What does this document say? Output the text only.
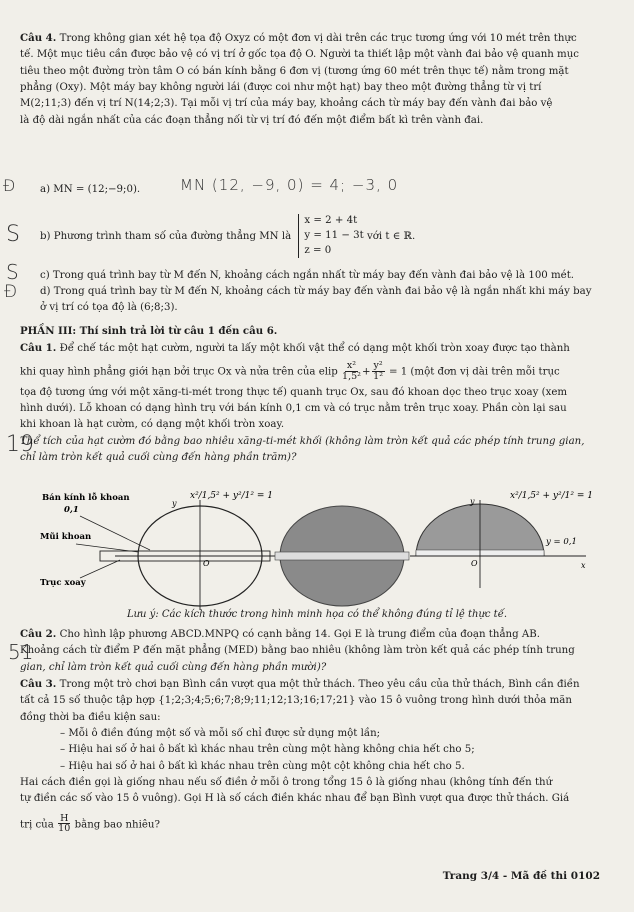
Câu 4. Trong không gian xét hệ tọa độ Oxyz có một đơn vị dài trên các trục tương ứng với 10 mét trên thực
tế. Một mục tiêu cần được bảo vệ có vị trí ở gốc tọa độ O. Người ta thiết lập một vành đai bảo vệ quanh mục
tiêu theo một đường tròn tâm O có bán kính bằng 6 đơn vị (tương ứng 60 mét trên thực tế) nằm trong mặt
phẳng (Oxy). Một máy bay không người lái (được coi như một hạt) bay theo một đường thẳng từ vị trí
M(2;11;3) đến vị trí N(14;2;3). Tại mỗi vị trí của máy bay, khoảng cách từ máy bay đến vành đai bảo vệ
là độ dài ngắn nhất của các đoạn thẳng nối từ vị trí đó đến một điểm bất kì trên vành đai.
a) MN = (12;−9;0).
b) Phương trình tham số của đường thẳng MN là
x = 2 + 4t
y = 11 − 3t
z = 0
với t ∈ ℝ.
c) Trong quá trình bay từ M đến N, khoảng cách ngắn nhất từ máy bay đến vành đai bảo vệ là 100 mét.
d) Trong quá trình bay từ M đến N, khoảng cách từ máy bay đến vành đai bảo vệ là ngắn nhất khi máy bay
ở vị trí có tọa độ là (6;8;3).
Đ	MN (12, −9, 0) = 4; −3, 0
S
S
Đ
19
51
PHẦN III: Thí sinh trả lời từ câu 1 đến câu 6.
Câu 1. Để chế tác một hạt cườm, người ta lấy một khối vật thể có dạng một khối tròn xoay được tạo thành
khi quay hình phẳng giới hạn bởi trục Ox và nửa trên của elip $\frac{\text{x²}}{\text{1,5²}} + \frac{\text{y²}}{\text{1²}} = 1$ (một đơn vị dài trên mỗi trục
tọa độ tương ứng với một xăng-ti-mét trong thực tế) quanh trục Ox, sau đó khoan dọc theo trục xoay (xem
hình dưới). Lỗ khoan có dạng hình trụ với bán kính 0,1 cm và có trục nằm trên trục xoay. Phần còn lại sau
khi khoan là hạt cườm, có dạng một khối tròn xoay.
Thể tích của hạt cườm đó bằng bao nhiêu xăng-ti-mét khối (không làm tròn kết quả các phép tính trung gian,
chỉ làm tròn kết quả cuối cùng đến hàng phần trăm)?
Bán kính lỗ khoan
0,1
Mũi khoan
Trục xoay
x²/1,5² + y²/1² = 1
O
y
x²/1,5² + y²/1² = 1
y
x
O
y = 0,1
Lưu ý: Các kích thước trong hình minh họa có thể không đúng tỉ lệ thực tế.
Câu 2. Cho hình lập phương ABCD.MNPQ có cạnh bằng 14. Gọi E là trung điểm của đoạn thẳng AB.
Khoảng cách từ điểm P đến mặt phẳng (MED) bằng bao nhiêu (không làm tròn kết quả các phép tính trung
gian, chỉ làm tròn kết quả cuối cùng đến hàng phần mười)?
Câu 3. Trong một trò chơi bạn Bình cần vượt qua một thử thách. Theo yêu cầu của thử thách, Bình cần điền
tất cả 15 số thuộc tập hợp {1;2;3;4;5;6;7;8;9;11;12;13;16;17;21} vào 15 ô vuông trong hình dưới thỏa mãn
đồng thời ba điều kiện sau:
– Mỗi ô điền đúng một số và mỗi số chỉ được sử dụng một lần;
– Hiệu hai số ở hai ô bất kì khác nhau trên cùng một hàng không chia hết cho 5;
– Hiệu hai số ở hai ô bất kì khác nhau trên cùng một cột không chia hết cho 5.
Hai cách điền gọi là giống nhau nếu số điền ở mỗi ô trong tổng 15 ô là giống nhau (không tính đến thứ
tự điền các số vào 15 ô vuông). Gọi H là số cách điền khác nhau để bạn Bình vượt qua được thử thách. Giá
trị của $\frac{H}{10}$ bằng bao nhiêu?
Trang 3/4 - Mã đề thi 0102
